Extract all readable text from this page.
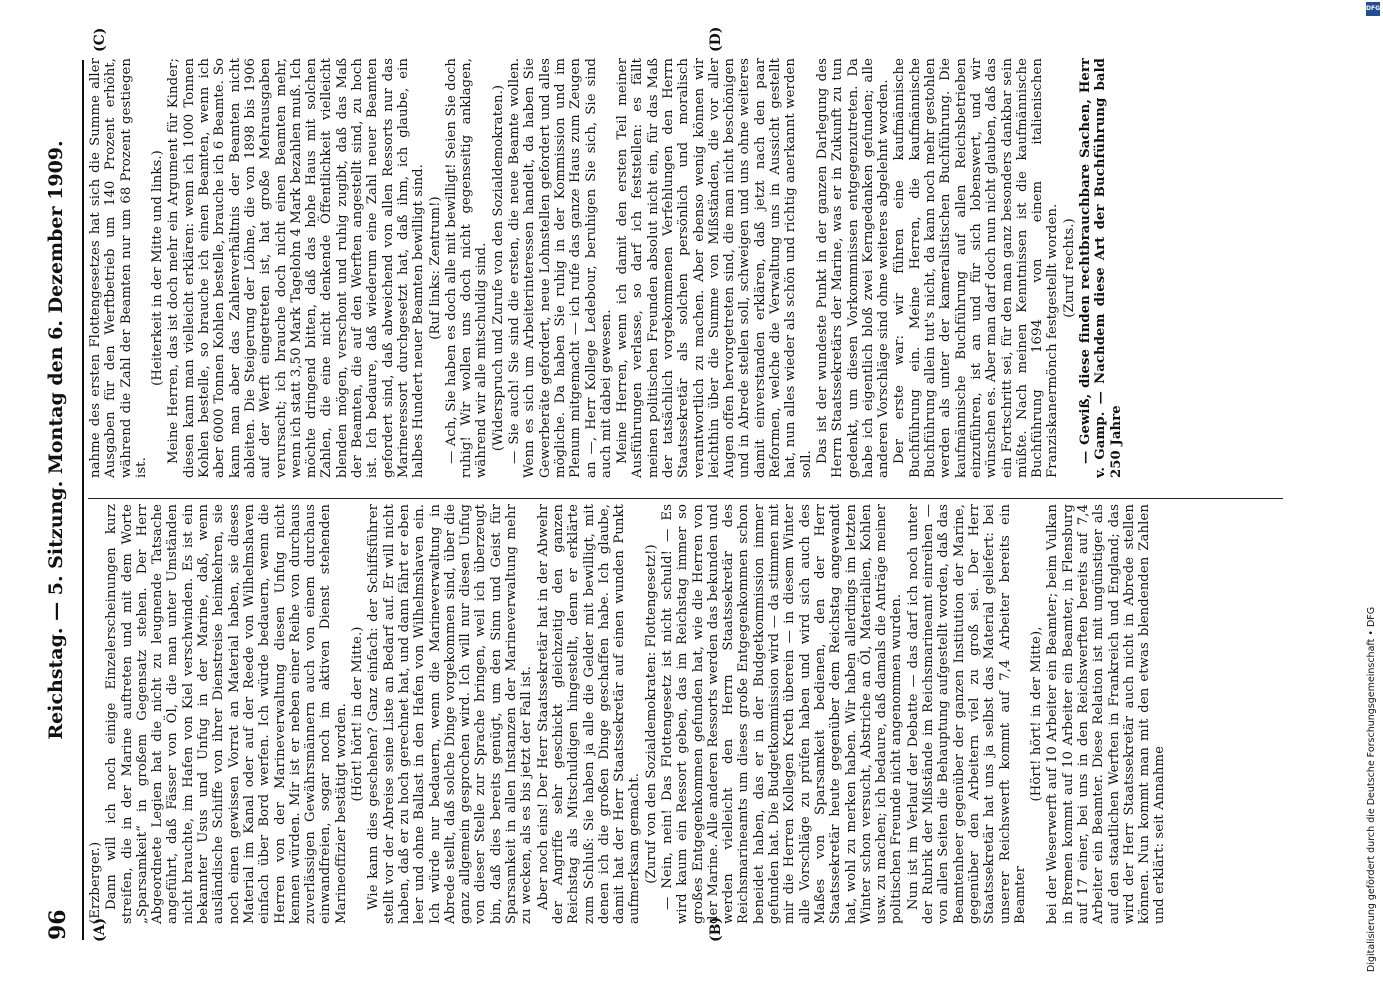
96
Reichstag. — 5. Sitzung. Montag den 6. Dezember 1909.
(A)	(B)
(C)	(D)

(Erzberger.) Dann will ich noch einige Einzelerscheinungen kurz streifen, die in der Marine auftreten und mit dem Worte „Sparsamkeit“ in großem Gegensatz stehen. Der Herr Abgeordnete Legien hat die nicht zu leugnende Tatsache angeführt, daß Fässer von Öl, die man unter Umständen nicht brauchte, im Hafen von Kiel verschwinden. Es ist ein bekannter Usus und Unfug in der Marine, daß, wenn ausländische Schiffe von ihrer Dienstreise heimkehren, sie noch einen gewissen Vorrat an Material haben, sie dieses Material im Kanal oder auf der Reede von Wilhelmshaven einfach über Bord werfen. Ich würde bedauern, wenn die Herren von der Marineverwaltung diesen Unfug nicht kennen würden. Mir ist er neben einer Reihe von durchaus zuverlässigen Gewährsmännern auch von einem durchaus einwandfreien, sogar noch im aktiven Dienst stehenden Marineoffizier bestätigt worden. (Hört! hört! in der Mitte.) Wie kann dies geschehen? Ganz einfach: der Schiffsführer stellt vor der Abreise seine Liste an Bedarf auf. Er will nicht haben, daß er zu hoch gerechnet hat, und dann fährt er eben leer und ohne Ballast in den Hafen von Wilhelmshaven ein. Ich würde nur bedauern, wenn die Marineverwaltung in Abrede stellt, daß solche Dinge vorgekommen sind, über die ganz allgemein gesprochen wird. Ich will nur diesen Unfug von dieser Stelle zur Sprache bringen, weil ich überzeugt bin, daß dies bereits genügt, um den Sinn und Geist für Sparsamkeit in allen Instanzen der Marineverwaltung mehr zu wecken, als es bis jetzt der Fall ist. Aber noch eins! Der Herr Staatssekretär hat in der Abwehr der Angriffe sehr geschickt gleichzeitig den ganzen Reichstag als Mitschuldigen hingestellt, denn er erklärte zum Schluß: Sie haben ja alle die Gelder mit bewilligt, mit denen ich die großen Dinge geschaffen habe. Ich glaube, damit hat der Herr Staatssekretär auf einen wunden Punkt aufmerksam gemacht. (Zuruf von den Sozialdemokraten: Flottengesetz!) — Nein, nein! Das Flottengesetz ist nicht schuld! — Es wird kaum ein Ressort geben, das im Reichstag immer so großes Entgegenkommen gefunden hat, wie die Herren von der Marine. Alle anderen Ressorts werden das bekunden und werden vielleicht den Herrn Staatssekretär des Reichsmarineamts um dieses große Entgegenkommen schon beneidet haben, das er in der Budgetkommission immer gefunden hat. Die Budgetkommission wird — da stimmen mit mir die Herren Kollegen Kreth überein — in diesem Winter alle Vorschläge zu prüfen haben und wird sich auch des Maßes von Sparsamkeit bedienen, den der Herr Staatssekretär heute gegenüber dem Reichstag angewandt hat, wohl zu merken haben. Wir haben allerdings im letzten Winter schon versucht, Abstriche an Öl, Materialien, Kohlen usw. zu machen; ich bedaure, daß damals die Anträge meiner politischen Freunde nicht angenommen wurden. Nun ist im Verlauf der Debatte — das darf ich noch unter der Rubrik der Mißstände im Reichsmarineamt einreihen — von allen Seiten die Behauptung aufgestellt worden, daß das Beamtenheer gegenüber der ganzen Institution der Marine, gegenüber den Arbeitern viel zu groß sei. Der Herr Staatssekretär hat uns ja selbst das Material geliefert: bei unserer Reichswerft kommt auf 7,4 Arbeiter bereits ein Beamter

(Hört! hört! in der Mitte), bei der Weserwerft auf 10 Arbeiter ein Beamter; beim Vulkan in Bremen kommt auf 10 Arbeiter ein Beamter, in Flensburg auf 17 einer, bei uns in den Reichswerften bereits auf 7,4 Arbeiter ein Beamter. Diese Relation ist mit ungünstiger als auf den staatlichen Werften in Frankreich und England; das wird der Herr Staatssekretär auch nicht in Abrede stellen können. Nun kommt man mit den etwas blendenden Zahlen und erklärt: seit Annahme

nahme des ersten Flottengesetzes hat sich die Summe aller Ausgaben für den Werftbetrieb um 140 Prozent erhöht, während die Zahl der Beamten nur um 68 Prozent gestiegen ist.

(Heiterkeit in der Mitte und links.) Meine Herren, das ist doch mehr ein Argument für Kinder; diesen kann man vielleicht erklären: wenn ich 1000 Tonnen Kohlen bestelle, so brauche ich einen Beamten, wenn ich aber 6000 Tonnen Kohlen bestelle, brauche ich 6 Beamte. So kann man aber das Zahlenverhältnis der Beamten nicht ableiten. Die Steigerung der Löhne, die von 1898 bis 1906 auf der Werft eingetreten ist, hat große Mehrausgaben verursacht; ich brauche doch nicht einen Beamten mehr, wenn ich statt 3,50 Mark Tagelohn 4 Mark bezahlen muß. Ich möchte dringend bitten, daß das hohe Haus mit solchen Zahlen, die eine nicht denkende Öffentlichkeit vielleicht blenden mögen, verschont und ruhig zugibt, daß das Maß der Beamten, die auf den Werften angestellt sind, zu hoch ist. Ich bedaure, daß wiederum eine Zahl neuer Beamten gefordert sind, daß abweichend von allen Ressorts nur das Marineressort durchgesetzt hat, daß ihm, ich glaube, ein halbes Hundert neuer Beamten bewilligt sind. (Ruf links: Zentrum!) — Ach, Sie haben es doch alle mit bewilligt! Seien Sie doch ruhig! Wir wollen uns doch nicht gegenseitig anklagen, während wir alle mitschuldig sind. (Widerspruch und Zurufe von den Sozialdemokraten.) — Sie auch! Sie sind die ersten, die neue Beamte wollen. Wenn es sich um Arbeiterinteressen handelt, da haben Sie Gewerberäte gefordert, neue Lohnstellen gefordert und alles mögliche. Da haben Sie ruhig in der Kommission und im Plenum mitgemacht — ich rufe das ganze Haus zum Zeugen an —, Herr Kollege Ledebour, beruhigen Sie sich, Sie sind auch mit dabei gewesen. Meine Herren, wenn ich damit den ersten Teil meiner Ausführungen verlasse, so darf ich feststellen: es fällt meinen politischen Freunden absolut nicht ein, für das Maß der tatsächlich vorgekommenen Verfehlungen den Herrn Staatssekretär als solchen persönlich und moralisch verantwortlich zu machen. Aber ebenso wenig können wir leichthin über die Summe von Mißständen, die vor aller Augen offen hervorgetreten sind, die man nicht beschönigen und in Abrede stellen soll, schweigen und uns ohne weiteres damit einverstanden erklären, daß jetzt nach den paar Reformen, welche die Verwaltung uns in Aussicht gestellt hat, nun alles wieder als schön und richtig anerkannt werden soll.

Das ist der wundeste Punkt in der ganzen Darlegung des Herrn Staatssekretärs der Marine, was er in Zukunft zu tun gedenkt, um diesen Vorkommnissen entgegenzutreten. Da habe ich eigentlich bloß zwei Kerngedanken gefunden; alle anderen Vorschläge sind ohne weiteres abgelehnt worden. Der erste war: wir führen eine kaufmännische Buchführung ein. Meine Herren, die kaufmännische Buchführung allein tut's nicht, da kann noch mehr gestohlen werden als unter der kameralistischen Buchführung. Die kaufmännische Buchführung auf allen Reichsbetrieben einzuführen, ist an und für sich lobenswert, und wir wünschen es. Aber man darf doch nun nicht glauben, daß das ein Fortschritt sei, für den man ganz besonders dankbar sein müßte. Nach meinen Kenntnissen ist die kaufmännische Buchführung 1694 von einem italienischen Franziskanermönch festgestellt worden. (Zuruf rechts.) — Gewiß, diese finden rechtbrauchbare Sachen, Herr v. Gamp. — Nachdem diese Art der Buchführung bald 250 Jahre

DFG
Digitalisierung gefördert durch die Deutsche Forschungsgemeinschaft • DFG
